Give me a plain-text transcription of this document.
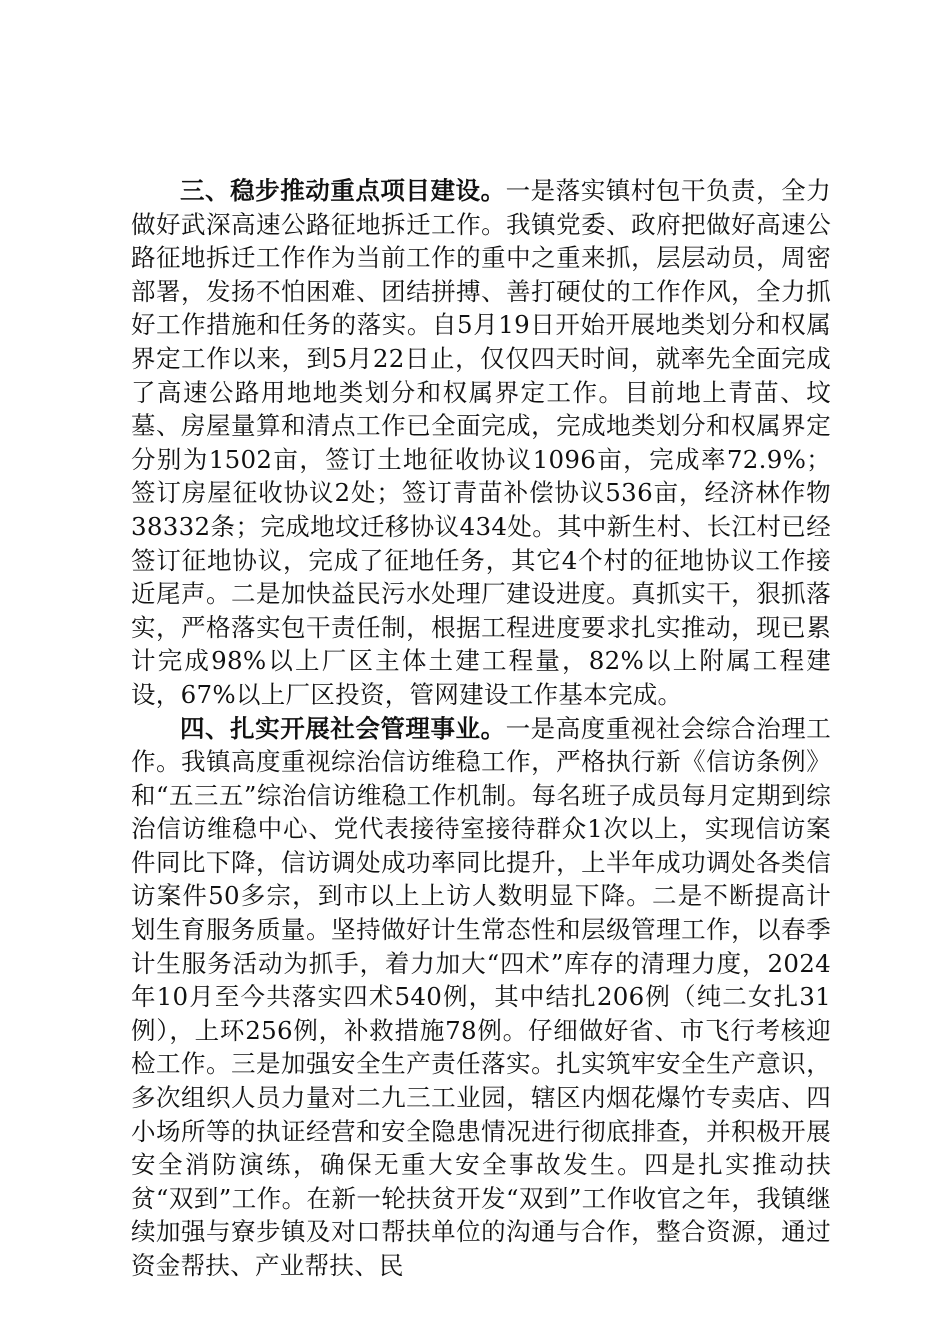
三、稳步推动重点项目建设。一是落实镇村包干负责，全力做好武深高速公路征地拆迁工作。我镇党委、政府把做好高速公路征地拆迁工作作为当前工作的重中之重来抓，层层动员，周密部署，发扬不怕困难、团结拼搏、善打硬仗的工作作风，全力抓好工作措施和任务的落实。自5月19日开始开展地类划分和权属界定工作以来，到5月22日止，仅仅四天时间，就率先全面完成了高速公路用地地类划分和权属界定工作。目前地上青苗、坟墓、房屋量算和清点工作已全面完成，完成地类划分和权属界定分别为1502亩，签订土地征收协议1096亩，完成率72.9%；签订房屋征收协议2处；签订青苗补偿协议536亩，经济林作物38332条；完成地坟迁移协议434处。其中新生村、长江村已经签订征地协议，完成了征地任务，其它4个村的征地协议工作接近尾声。二是加快益民污水处理厂建设进度。真抓实干，狠抓落实，严格落实包干责任制，根据工程进度要求扎实推动，现已累计完成98%以上厂区主体土建工程量，82%以上附属工程建设，67%以上厂区投资，管网建设工作基本完成。

四、扎实开展社会管理事业。一是高度重视社会综合治理工作。我镇高度重视综治信访维稳工作，严格执行新《信访条例》和“五三五”综治信访维稳工作机制。每名班子成员每月定期到综治信访维稳中心、党代表接待室接待群众1次以上，实现信访案件同比下降，信访调处成功率同比提升，上半年成功调处各类信访案件50多宗，到市以上上访人数明显下降。二是不断提高计划生育服务质量。坚持做好计生常态性和层级管理工作，以春季计生服务活动为抓手，着力加大“四术”库存的清理力度，2024年10月至今共落实四术540例，其中结扎206例（纯二女扎31例），上环256例，补救措施78例。仔细做好省、市飞行考核迎检工作。三是加强安全生产责任落实。扎实筑牢安全生产意识，多次组织人员力量对二九三工业园，辖区内烟花爆竹专卖店、四小场所等的执证经营和安全隐患情况进行彻底排查，并积极开展安全消防演练，确保无重大安全事故发生。四是扎实推动扶贫“双到”工作。在新一轮扶贫开发“双到”工作收官之年，我镇继续加强与寮步镇及对口帮扶单位的沟通与合作，整合资源，通过资金帮扶、产业帮扶、民
